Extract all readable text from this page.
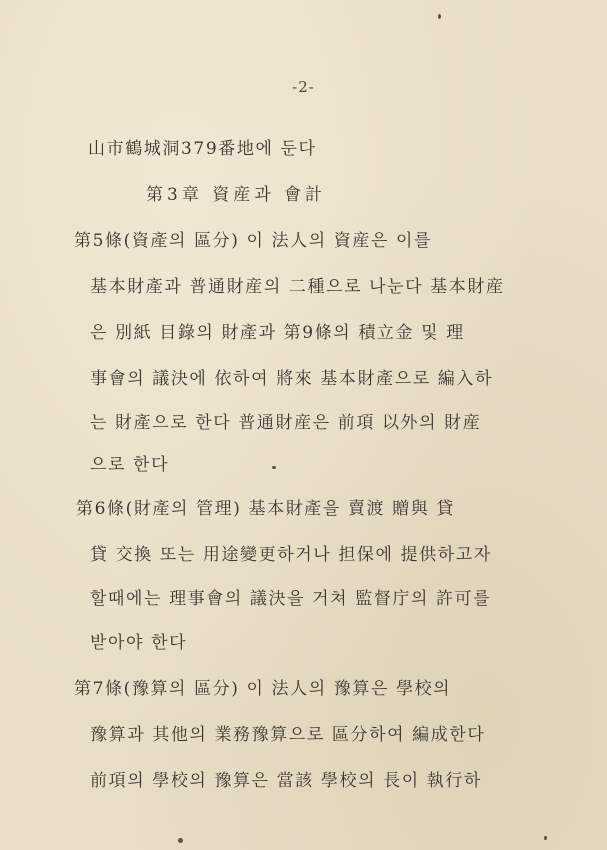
-2-
山市鶴城洞379番地에 둔다
第3章 資産과 會計
第5條(資產의 區分) 이 法人의 資産은 이를
基本財產과 普通財産의 二種으로 나눈다 基本財産
은 別紙 目錄의 財產과 第9條의 積立金 및 理
事會의 議決에 依하여 將來 基本財產으로 編入하
는 財產으로 한다 普通財産은 前項 以外의 財産
으로 한다
第6條(財產의 管理) 基本財產을 賣渡 贈與 貸
貸 交換 또는 用途變更하거나 担保에 提供하고자
할때에는 理事會의 議決을 거쳐 監督庁의 許可를
받아야 한다
第7條(豫算의 區分) 이 法人의 豫算은 學校의
豫算과 其他의 業務豫算으로 區分하여 編成한다
前項의 學校의 豫算은 當該 學校의 長이 執行하
